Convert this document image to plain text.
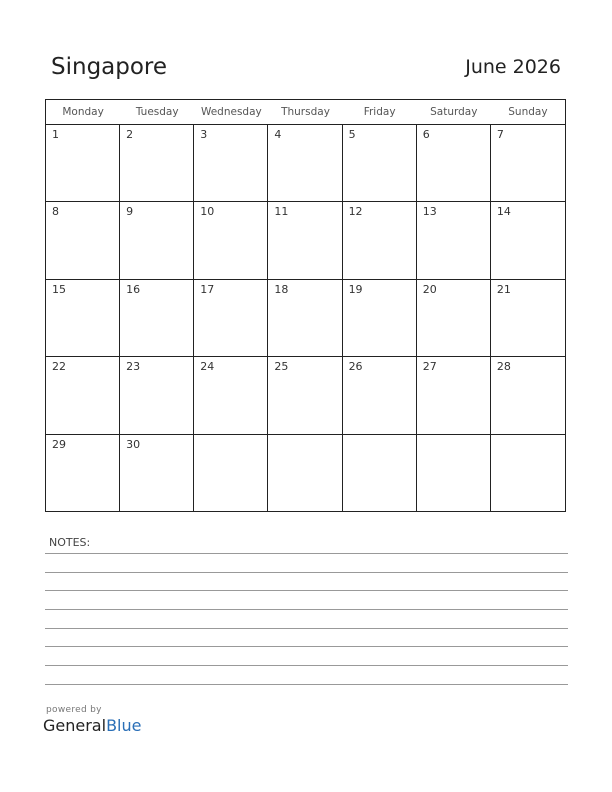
Singapore	June 2026
Monday	Tuesday	Wednesday	Thursday	Friday	Saturday	Sunday
1	2	3	4	5	6	7
8	9	10	11	12	13	14
15	16	17	18	19	20	21
22	23	24	25	26	27	28
29	30
NOTES:
powered by
GeneralBlue
